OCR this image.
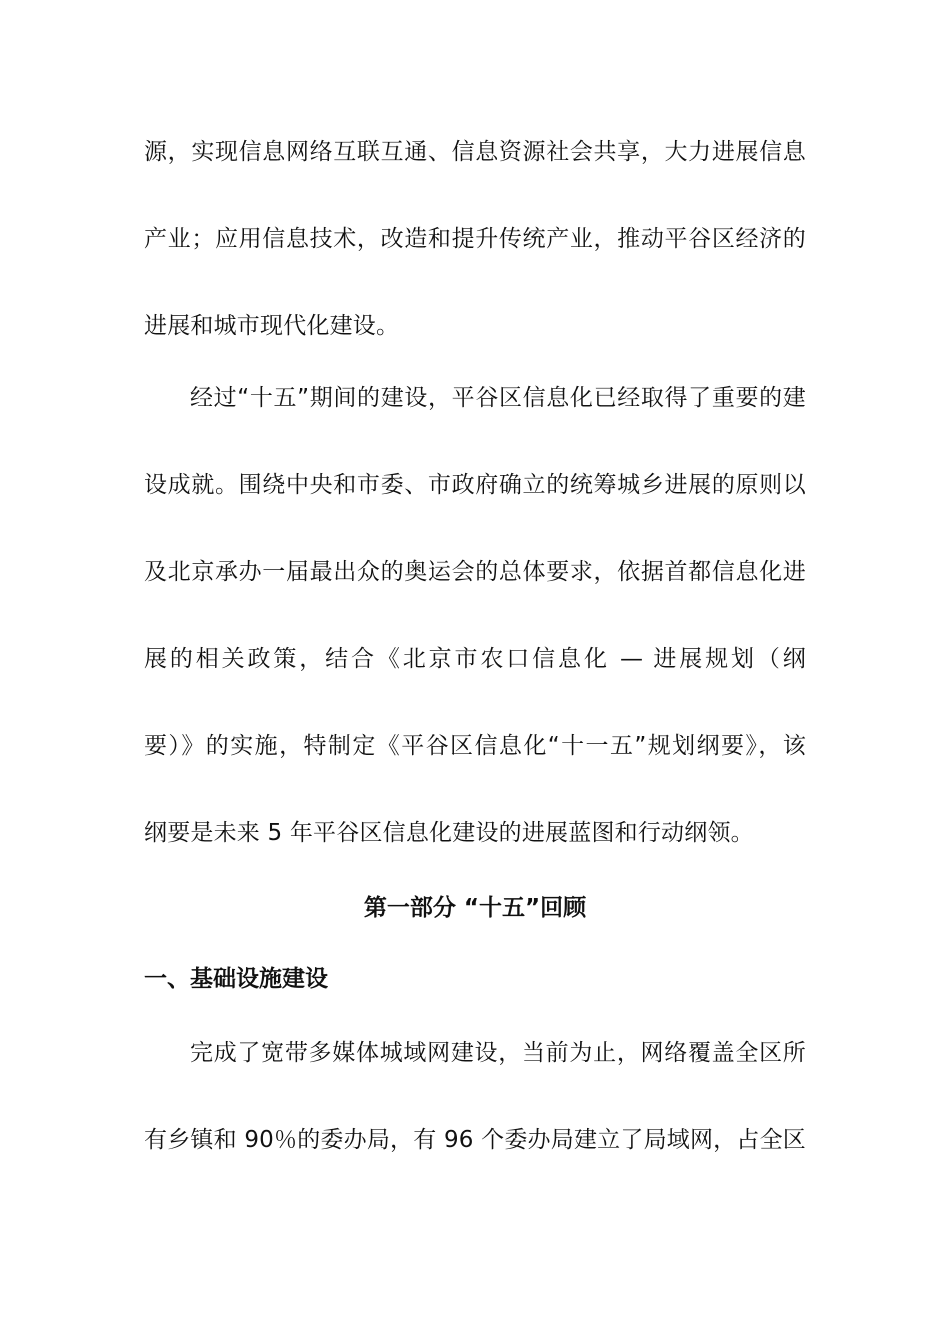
源，实现信息网络互联互通、信息资源社会共享，大力进展信息
产业；应用信息技术，改造和提升传统产业，推动平谷区经济的
进展和城市现代化建设。
经过“十五”期间的建设，平谷区信息化已经取得了重要的建
设成就。围绕中央和市委、市政府确立的统筹城乡进展的原则以
及北京承办一届最出众的奥运会的总体要求，依据首都信息化进
展的相关政策，结合《北京市农口信息化 — 进展规划（纲
要）》的实施，特制定《平谷区信息化“十一五”规划纲要》，该
纲要是未来 5 年平谷区信息化建设的进展蓝图和行动纲领。
第一部分 “十五”回顾
一、基础设施建设
完成了宽带多媒体城域网建设，当前为止，网络覆盖全区所
有乡镇和 90％的委办局，有 96 个委办局建立了局域网，占全区
